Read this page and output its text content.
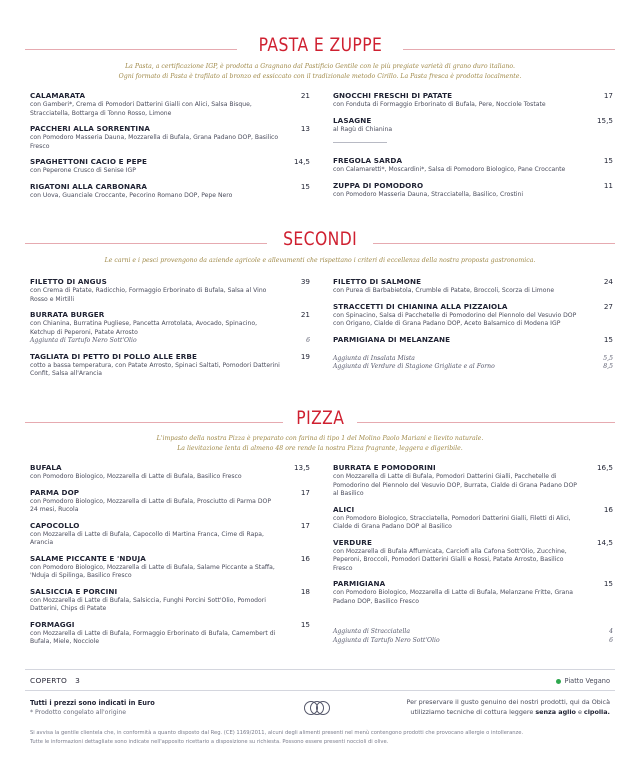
PASTA E ZUPPE
La Pasta, a certificazione IGP, è prodotta a Gragnano dal Pastificio Gentile con le più pregiate varietà di grano duro italiano.
Ogni formato di Pasta è trafilato al bronzo ed essiccato con il tradizionale metodo Cirillo. La Pasta fresca è prodotta localmente.
CALAMARATA	21
con Gamberi*, Crema di Pomodori Datterini Gialli con Alici, Salsa Bisque, Stracciatella, Bottarga di Tonno Rosso, Limone
PACCHERI ALLA SORRENTINA	13
con Pomodoro Masseria Dauna, Mozzarella di Bufala, Grana Padano DOP, Basilico Fresco
SPAGHETTONI CACIO E PEPE	14,5
con Peperone Crusco di Senise IGP
RIGATONI ALLA CARBONARA	15
con Uova, Guanciale Croccante, Pecorino Romano DOP, Pepe Nero
GNOCCHI FRESCHI DI PATATE	17
con Fonduta di Formaggio Erborinato di Bufala, Pere, Nocciole Tostate
LASAGNE	15,5
al Ragù di Chianina
FREGOLA SARDA	15
con Calamaretti*, Moscardini*, Salsa di Pomodoro Biologico, Pane Croccante
ZUPPA DI POMODORO	11
con Pomodoro Masseria Dauna, Stracciatella, Basilico, Crostini
SECONDI
Le carni e i pesci provengono da aziende agricole e allevamenti che rispettano i criteri di eccellenza della nostra proposta gastronomica.
FILETTO DI ANGUS	39
con Crema di Patate, Radicchio, Formaggio Erborinato di Bufala, Salsa al Vino Rosso e Mirtilli
BURRATA BURGER	21
con Chianina, Burratina Pugliese, Pancetta Arrotolata, Avocado, Spinacino, Ketchup di Peperoni, Patate Arrosto
Aggiunta di Tartufo Nero Sott'Olio	6
TAGLIATA DI PETTO DI POLLO ALLE ERBE	19
cotto a bassa temperatura, con Patate Arrosto, Spinaci Saltati, Pomodori Datterini Confit, Salsa all'Arancia
FILETTO DI SALMONE	24
con Purea di Barbabietola, Crumble di Patate, Broccoli, Scorza di Limone
STRACCETTI DI CHIANINA ALLA PIZZAIOLA	27
con Spinacino, Salsa di Pacchetelle di Pomodorino del Piennolo del Vesuvio DOP con Origano, Cialde di Grana Padano DOP, Aceto Balsamico di Modena IGP
PARMIGIANA DI MELANZANE	15
Aggiunta di Insalata Mista	5,5
Aggiunta di Verdure di Stagione Grigliate e al Forno	8,5
PIZZA
L'impasto della nostra Pizza è preparato con farina di tipo 1 del Molino Paolo Mariani e lievito naturale.
La lievitazione lenta di almeno 48 ore rende la nostra Pizza fragrante, leggera e digeribile.
BUFALA	13,5
con Pomodoro Biologico, Mozzarella di Latte di Bufala, Basilico Fresco
PARMA DOP	17
con Pomodoro Biologico, Mozzarella di Latte di Bufala, Prosciutto di Parma DOP 24 mesi, Rucola
CAPOCOLLO	17
con Mozzarella di Latte di Bufala, Capocollo di Martina Franca, Cime di Rapa, Arancia
SALAME PICCANTE E 'NDUJA	16
con Pomodoro Biologico, Mozzarella di Latte di Bufala, Salame Piccante a Staffa, 'Nduja di Spilinga, Basilico Fresco
SALSICCIA E PORCINI	18
con Mozzarella di Latte di Bufala, Salsiccia, Funghi Porcini Sott'Olio, Pomodori Datterini, Chips di Patate
FORMAGGI	15
con Mozzarella di Latte di Bufala, Formaggio Erborinato di Bufala, Camembert di Bufala, Miele, Nocciole
BURRATA E POMODORINI	16,5
con Mozzarella di Latte di Bufala, Pomodori Datterini Gialli, Pacchetelle di Pomodorino del Piennolo del Vesuvio DOP, Burrata, Cialde di Grana Padano DOP al Basilico
ALICI	16
con Pomodoro Biologico, Stracciatella, Pomodori Datterini Gialli, Filetti di Alici, Cialde di Grana Padano DOP al Basilico
VERDURE	14,5
con Mozzarella di Bufala Affumicata, Carciofi alla Cafona Sott'Olio, Zucchine, Peperoni, Broccoli, Pomodori Datterini Gialli e Rossi, Patate Arrosto, Basilico Fresco
PARMIGIANA	15
con Pomodoro Biologico, Mozzarella di Latte di Bufala, Melanzane Fritte, Grana Padano DOP, Basilico Fresco
Aggiunta di Stracciatella	4
Aggiunta di Tartufo Nero Sott'Olio	6
COPERTO 3	Piatto Vegano
Tutti i prezzi sono indicati in Euro
* Prodotto congelato all'origine
Per preservare il gusto genuino dei nostri prodotti, qui da Obicà
utilizziamo tecniche di cottura leggere senza aglio e cipolla.
Si avvisa la gentile clientela che, in conformità a quanto disposto dal Reg. (CE) 1169/2011, alcuni degli alimenti presenti nel menù contengono prodotti che provocano allergie o intolleranze.
Tutte le informazioni dettagliate sono indicate nell'apposito ricettario a disposizione su richiesta. Possono essere presenti noccioli di olive.
